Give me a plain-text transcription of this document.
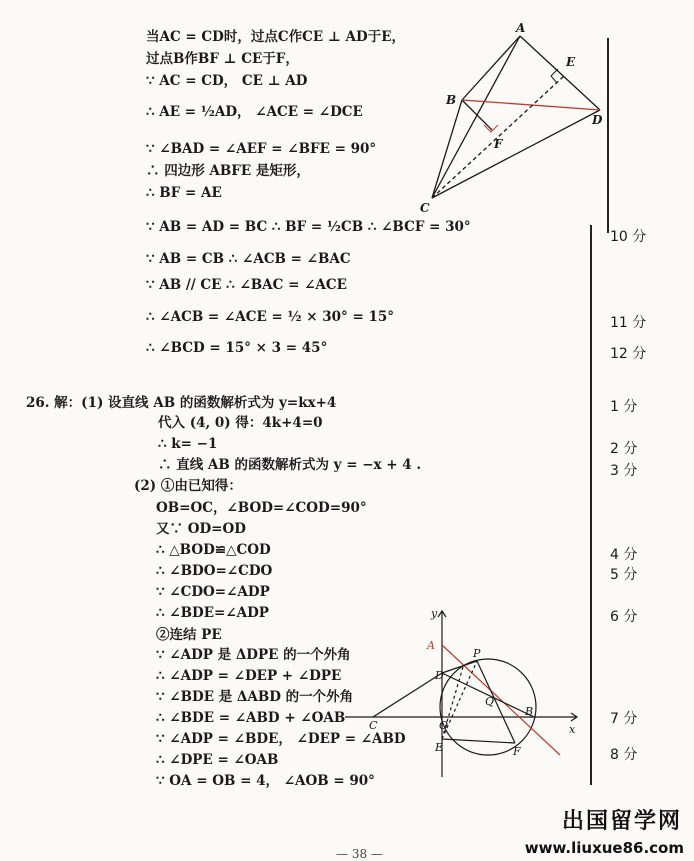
当AC = CD时，过点C作CE ⊥ AD于E，
过点B作BF ⊥ CE于F，
∵ AC = CD， CE ⊥ AD
∴ AE = ½AD， ∠ACE = ∠DCE
∵ ∠BAD = ∠AEF = ∠BFE = 90°
∴ 四边形 ABFE 是矩形，
∴ BF = AE
∵ AB = AD = BC ∴ BF = ½CB ∴ ∠BCF = 30°
∵ AB = CB ∴ ∠ACB = ∠BAC
∵ AB // CE ∴ ∠BAC = ∠ACE
∴ ∠ACB = ∠ACE = ½ × 30° = 15°
∴ ∠BCD = 15° × 3 = 45°
26. 解：(1) 设直线 AB 的函数解析式为 y=kx+4
代入 (4, 0) 得：4k+4=0
∴ k= −1
∴ 直线 AB 的函数解析式为 y = −x + 4 .
(2) ①由已知得：
OB=OC，∠BOD=∠COD=90°
又∵ OD=OD
∴ △BOD≌△COD
∴ ∠BDO=∠CDO
∵ ∠CDO=∠ADP
∴ ∠BDE=∠ADP
②连结 PE
∵ ∠ADP 是 ΔDPE 的一个外角
∴ ∠ADP = ∠DEP + ∠DPE
∵ ∠BDE 是 ΔABD 的一个外角
∴ ∠BDE = ∠ABD + ∠OAB
∵ ∠ADP = ∠BDE， ∠DEP = ∠ABD
∴ ∠DPE = ∠OAB
∵ OA = OB = 4， ∠AOB = 90°
10 分
11 分
12 分
1 分
2 分
3 分
4 分
5 分
6 分
7 分
8 分
A
E
B
D
F
C
y
A
P
D
Q
C	O
B
x
E	F
出国留学网
www.liuxue86.com
— 38 —
